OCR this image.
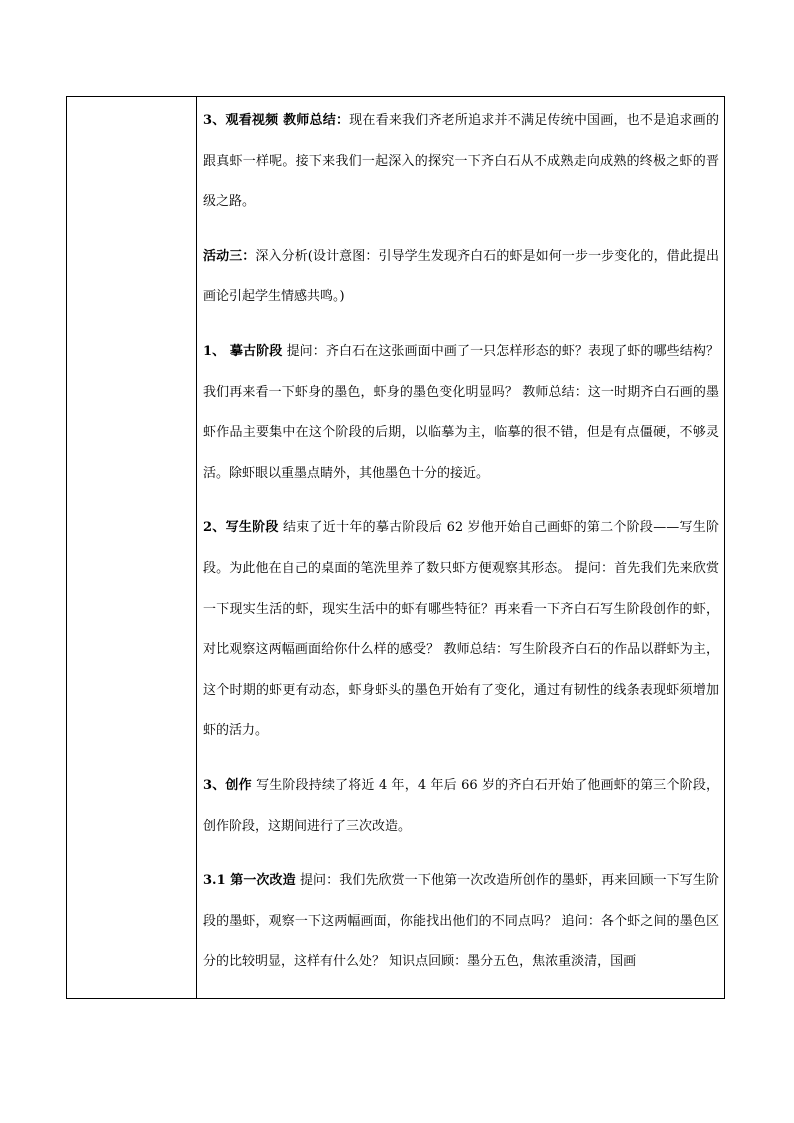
3、观看视频 教师总结：现在看来我们齐老所追求并不满足传统中国画，也不是追求画的跟真虾一样呢。接下来我们一起深入的探究一下齐白石从不成熟走向成熟的终极之虾的晋级之路。

活动三：深入分析(设计意图：引导学生发现齐白石的虾是如何一步一步变化的，借此提出画论引起学生情感共鸣。)

1、 摹古阶段 提问：齐白石在这张画面中画了一只怎样形态的虾？表现了虾的哪些结构？我们再来看一下虾身的墨色，虾身的墨色变化明显吗？ 教师总结：这一时期齐白石画的墨虾作品主要集中在这个阶段的后期，以临摹为主，临摹的很不错，但是有点僵硬，不够灵活。除虾眼以重墨点睛外，其他墨色十分的接近。

2、写生阶段 结束了近十年的摹古阶段后 62 岁他开始自己画虾的第二个阶段——写生阶段。为此他在自己的桌面的笔洗里养了数只虾方便观察其形态。 提问：首先我们先来欣赏一下现实生活的虾，现实生活中的虾有哪些特征？再来看一下齐白石写生阶段创作的虾，对比观察这两幅画面给你什么样的感受？ 教师总结：写生阶段齐白石的作品以群虾为主，这个时期的虾更有动态，虾身虾头的墨色开始有了变化，通过有韧性的线条表现虾须增加虾的活力。

3、创作 写生阶段持续了将近 4 年，4 年后 66 岁的齐白石开始了他画虾的第三个阶段，创作阶段，这期间进行了三次改造。

3.1 第一次改造 提问：我们先欣赏一下他第一次改造所创作的墨虾，再来回顾一下写生阶段的墨虾，观察一下这两幅画面，你能找出他们的不同点吗？ 追问：各个虾之间的墨色区分的比较明显，这样有什么处？ 知识点回顾：墨分五色，焦浓重淡清，国画
